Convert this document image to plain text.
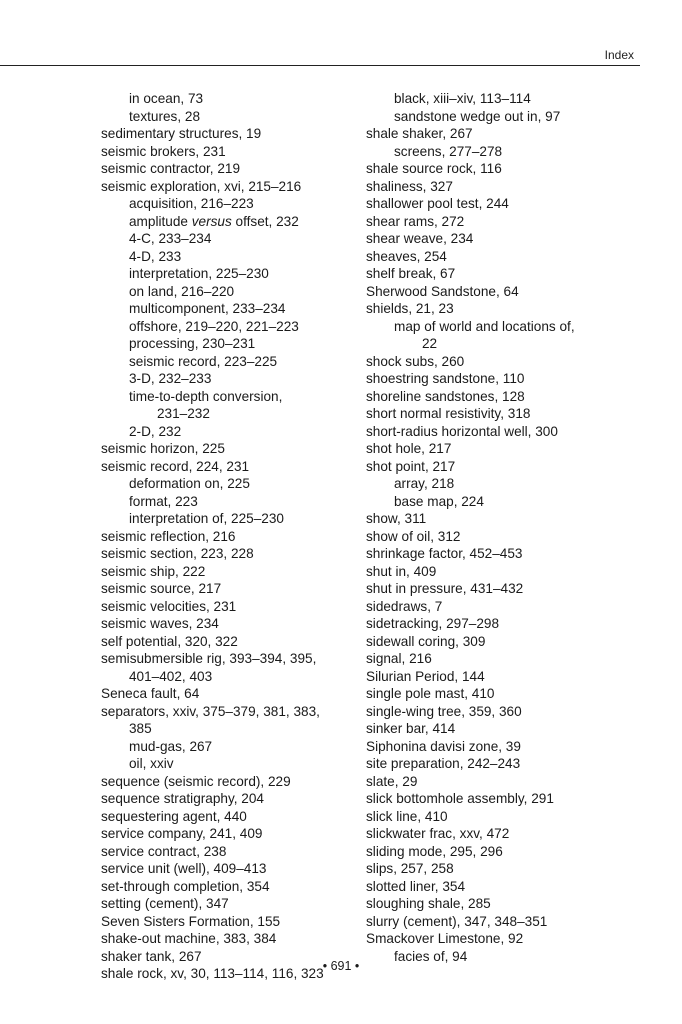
Index
in ocean, 73
textures, 28
sedimentary structures, 19
seismic brokers, 231
seismic contractor, 219
seismic exploration, xvi, 215–216
acquisition, 216–223
amplitude versus offset, 232
4-C, 233–234
4-D, 233
interpretation, 225–230
on land, 216–220
multicomponent, 233–234
offshore, 219–220, 221–223
processing, 230–231
seismic record, 223–225
3-D, 232–233
time-to-depth conversion,
231–232
2-D, 232
seismic horizon, 225
seismic record, 224, 231
deformation on, 225
format, 223
interpretation of, 225–230
seismic reflection, 216
seismic section, 223, 228
seismic ship, 222
seismic source, 217
seismic velocities, 231
seismic waves, 234
self potential, 320, 322
semisubmersible rig, 393–394, 395,
401–402, 403
Seneca fault, 64
separators, xxiv, 375–379, 381, 383,
385
mud-gas, 267
oil, xxiv
sequence (seismic record), 229
sequence stratigraphy, 204
sequestering agent, 440
service company, 241, 409
service contract, 238
service unit (well), 409–413
set-through completion, 354
setting (cement), 347
Seven Sisters Formation, 155
shake-out machine, 383, 384
shaker tank, 267
shale rock, xv, 30, 113–114, 116, 323
black, xiii–xiv, 113–114
sandstone wedge out in, 97
shale shaker, 267
screens, 277–278
shale source rock, 116
shaliness, 327
shallower pool test, 244
shear rams, 272
shear weave, 234
sheaves, 254
shelf break, 67
Sherwood Sandstone, 64
shields, 21, 23
map of world and locations of,
22
shock subs, 260
shoestring sandstone, 110
shoreline sandstones, 128
short normal resistivity, 318
short-radius horizontal well, 300
shot hole, 217
shot point, 217
array, 218
base map, 224
show, 311
show of oil, 312
shrinkage factor, 452–453
shut in, 409
shut in pressure, 431–432
sidedraws, 7
sidetracking, 297–298
sidewall coring, 309
signal, 216
Silurian Period, 144
single pole mast, 410
single-wing tree, 359, 360
sinker bar, 414
Siphonina davisi zone, 39
site preparation, 242–243
slate, 29
slick bottomhole assembly, 291
slick line, 410
slickwater frac, xxv, 472
sliding mode, 295, 296
slips, 257, 258
slotted liner, 354
sloughing shale, 285
slurry (cement), 347, 348–351
Smackover Limestone, 92
facies of, 94
• 691 •
